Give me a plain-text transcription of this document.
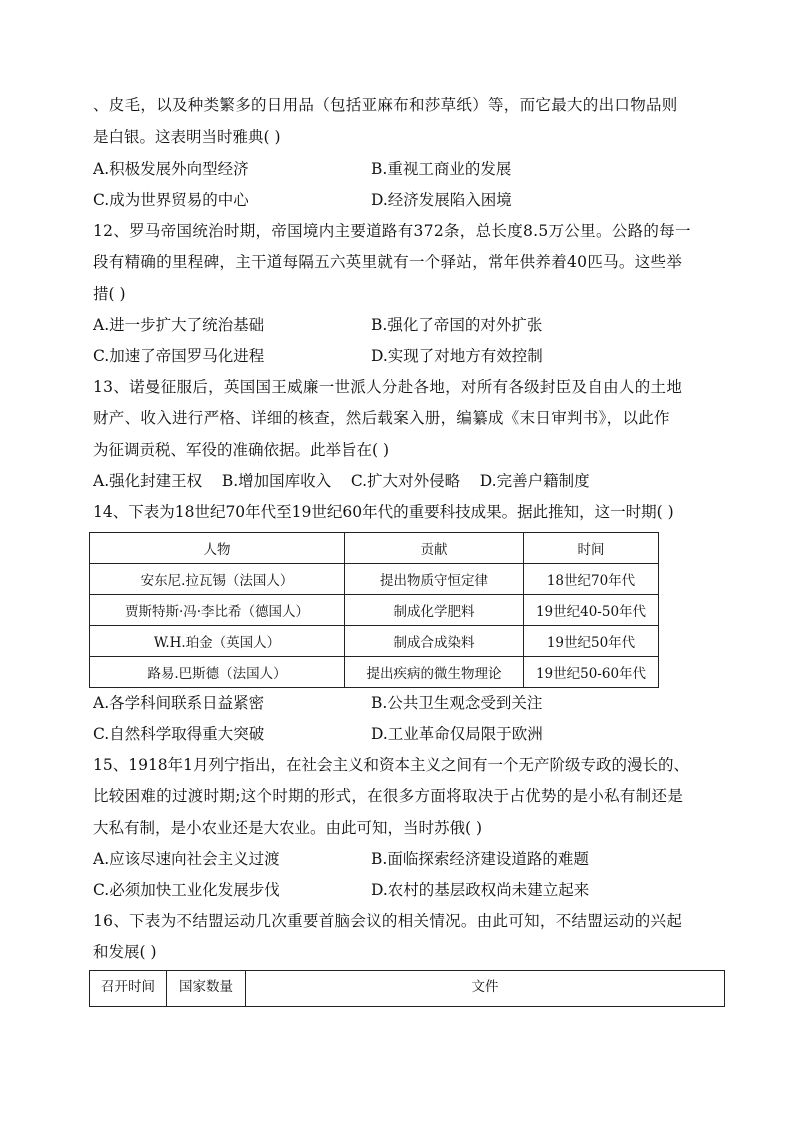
、皮毛，以及种类繁多的日用品（包括亚麻布和莎草纸）等，而它最大的出口物品则
是白银。这表明当时雅典( )
A.积极发展外向型经济	B.重视工商业的发展
C.成为世界贸易的中心	D.经济发展陷入困境
12、罗马帝国统治时期，帝国境内主要道路有372条，总长度8.5万公里。公路的每一
段有精确的里程碑，主干道每隔五六英里就有一个驿站，常年供养着40匹马。这些举
措( )
A.进一步扩大了统治基础	B.强化了帝国的对外扩张
C.加速了帝国罗马化进程	D.实现了对地方有效控制
13、诺曼征服后，英国国王威廉一世派人分赴各地，对所有各级封臣及自由人的土地
财产、收入进行严格、详细的核查，然后载案入册，编纂成《末日审判书》，以此作
为征调贡税、军役的准确依据。此举旨在( )
A.强化封建王权    B.增加国库收入    C.扩大对外侵略    D.完善户籍制度
14、下表为18世纪70年代至19世纪60年代的重要科技成果。据此推知，这一时期( )
人物	贡献	时间
安东尼.拉瓦锡（法国人）	提出物质守恒定律	18世纪70年代
贾斯特斯·冯·李比希（德国人）	制成化学肥料	19世纪40-50年代
W.H.珀金（英国人）	制成合成染料	19世纪50年代
路易.巴斯德（法国人）	提出疾病的微生物理论	19世纪50-60年代
A.各学科间联系日益紧密	B.公共卫生观念受到关注
C.自然科学取得重大突破	D.工业革命仅局限于欧洲
15、1918年1月列宁指出，在社会主义和资本主义之间有一个无产阶级专政的漫长的、
比较困难的过渡时期;这个时期的形式，在很多方面将取决于占优势的是小私有制还是
大私有制，是小农业还是大农业。由此可知，当时苏俄( )
A.应该尽速向社会主义过渡	B.面临探索经济建设道路的难题
C.必须加快工业化发展步伐	D.农村的基层政权尚未建立起来
16、下表为不结盟运动几次重要首脑会议的相关情况。由此可知，不结盟运动的兴起
和发展( )
召开时间	国家数量	文件
